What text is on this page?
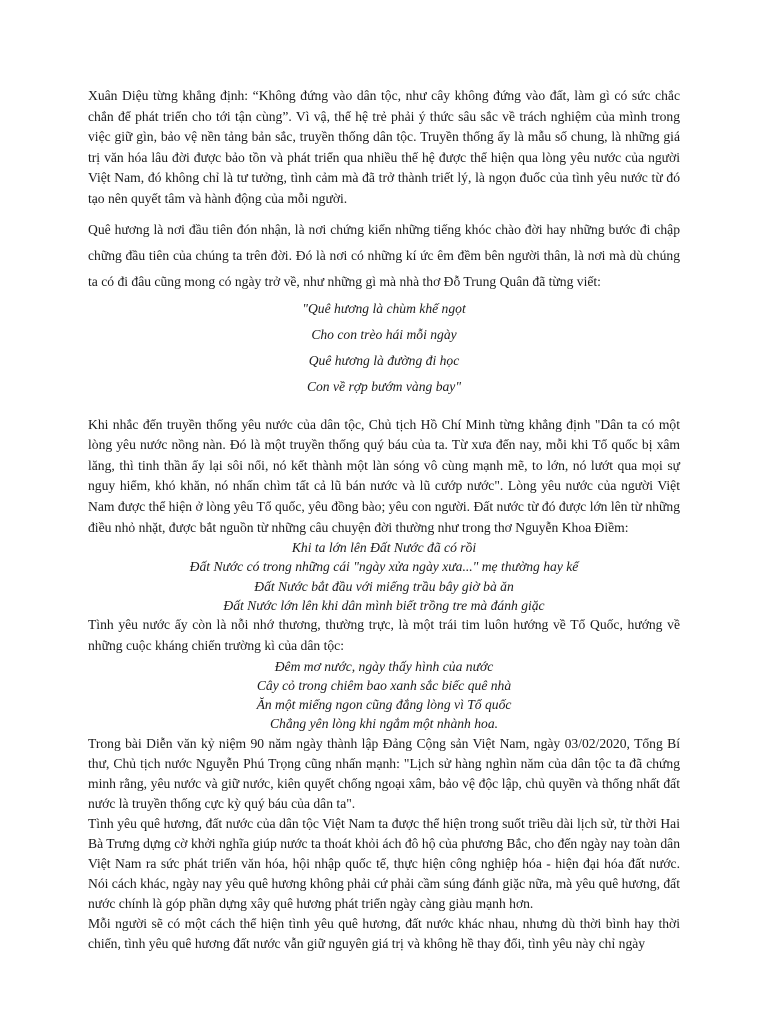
Xuân Diệu từng khẳng định: “Không đứng vào dân tộc, như cây không đứng vào đất, làm gì có sức chắc chắn để phát triển cho tới tận cùng”. Vì vậ, thế hệ trẻ phải ý thức sâu sắc về trách nghiệm của mình trong việc giữ gìn, bảo vệ nền tảng bản sắc, truyền thống dân tộc. Truyền thống ấy là mẫu số chung, là những giá trị văn hóa lâu đời được bảo tồn và phát triển qua nhiều thế hệ được thể hiện qua lòng yêu nước của người Việt Nam, đó không chỉ là tư tưởng, tình cảm mà đã trở thành triết lý, là ngọn đuốc của tình yêu nước từ đó tạo nên quyết tâm và hành động của mỗi người.

Quê hương là nơi đầu tiên đón nhận, là nơi chứng kiến những tiếng khóc chào đời hay những bước đi chập chững đầu tiên của chúng ta trên đời. Đó là nơi có những kí ức êm đềm bên người thân, là nơi mà dù chúng ta có đi đâu cũng mong có ngày trở về, như những gì mà nhà thơ Đỗ Trung Quân đã từng viết:

"Quê hương là chùm khế ngọt
Cho con trèo hái mỗi ngày
Quê hương là đường đi học
Con về rợp bướm vàng bay"

Khi nhắc đến truyền thống yêu nước của dân tộc, Chủ tịch Hồ Chí Minh từng khẳng định "Dân ta có một lòng yêu nước nồng nàn. Đó là một truyền thống quý báu của ta. Từ xưa đến nay, mỗi khi Tổ quốc bị xâm lăng, thì tinh thần ấy lại sôi nổi, nó kết thành một làn sóng vô cùng mạnh mẽ, to lớn, nó lướt qua mọi sự nguy hiểm, khó khăn, nó nhấn chìm tất cả lũ bán nước và lũ cướp nước". Lòng yêu nước của người Việt Nam được thể hiện ở lòng yêu Tổ quốc, yêu đồng bào; yêu con người. Đất nước từ đó được lớn lên từ những điều nhỏ nhặt, được bắt nguồn từ những câu chuyện đời thường như trong thơ Nguyễn Khoa Điềm:

Khi ta lớn lên Đất Nước đã có rồi
Đất Nước có trong những cái "ngày xửa ngày xưa..." mẹ thường hay kể
Đất Nước bắt đầu với miếng trầu bây giờ bà ăn
Đất Nước lớn lên khi dân mình biết trồng tre mà đánh giặc

Tình yêu nước ấy còn là nỗi nhớ thương, thường trực, là một trái tim luôn hướng về Tổ Quốc, hướng về những cuộc kháng chiến trường kì của dân tộc:

Đêm mơ nước, ngày thấy hình của nước
Cây cỏ trong chiêm bao xanh sắc biếc quê nhà
Ăn một miếng ngon cũng đắng lòng vì Tổ quốc
Chẳng yên lòng khi ngắm một nhành hoa.

Trong bài Diễn văn kỷ niệm 90 năm ngày thành lập Đảng Cộng sản Việt Nam, ngày 03/02/2020, Tổng Bí thư, Chủ tịch nước Nguyễn Phú Trọng cũng nhấn mạnh: "Lịch sử hàng nghìn năm của dân tộc ta đã chứng minh rằng, yêu nước và giữ nước, kiên quyết chống ngoại xâm, bảo vệ độc lập, chủ quyền và thống nhất đất nước là truyền thống cực kỳ quý báu của dân ta".

Tình yêu quê hương, đất nước của dân tộc Việt Nam ta được thể hiện trong suốt triều dài lịch sử, từ thời Hai Bà Trưng dựng cờ khởi nghĩa giúp nước ta thoát khỏi ách đô hộ của phương Bắc, cho đến ngày nay toàn dân Việt Nam ra sức phát triển văn hóa, hội nhập quốc tế, thực hiện công nghiệp hóa - hiện đại hóa đất nước. Nói cách khác, ngày nay yêu quê hương không phải cứ phải cầm súng đánh giặc nữa, mà yêu quê hương, đất nước chính là góp phần dựng xây quê hương phát triển ngày càng giàu mạnh hơn.

Mỗi người sẽ có một cách thể hiện tình yêu quê hương, đất nước khác nhau, nhưng dù thời bình hay thời chiến, tình yêu quê hương đất nước vẫn giữ nguyên giá trị và không hề thay đổi, tình yêu này chỉ ngày
